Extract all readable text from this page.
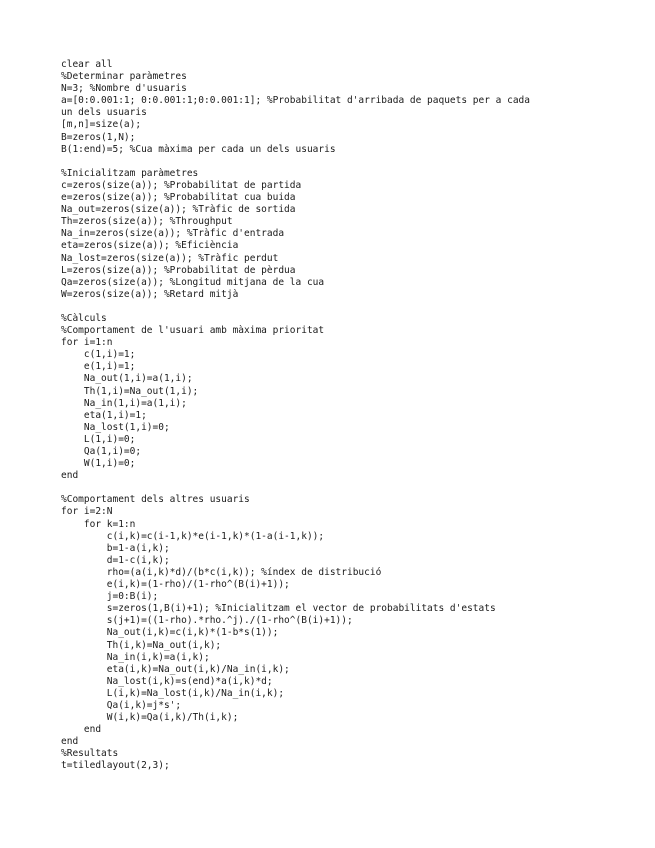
clear all
%Determinar paràmetres
N=3; %Nombre d'usuaris
a=[0:0.001:1; 0:0.001:1;0:0.001:1]; %Probabilitat d'arribada de paquets per a cada
un dels usuaris
[m,n]=size(a);
B=zeros(1,N);
B(1:end)=5; %Cua màxima per cada un dels usuaris
%Inicialitzam paràmetres
c=zeros(size(a)); %Probabilitat de partida
e=zeros(size(a)); %Probabilitat cua buida
Na_out=zeros(size(a)); %Tràfic de sortida
Th=zeros(size(a)); %Throughput
Na_in=zeros(size(a)); %Tràfic d'entrada
eta=zeros(size(a)); %Eficiència
Na_lost=zeros(size(a)); %Tràfic perdut
L=zeros(size(a)); %Probabilitat de pèrdua
Qa=zeros(size(a)); %Longitud mitjana de la cua
W=zeros(size(a)); %Retard mitjà
%Càlculs
%Comportament de l'usuari amb màxima prioritat
for i=1:n
c(1,i)=1;
e(1,i)=1;
Na_out(1,i)=a(1,i);
Th(1,i)=Na_out(1,i);
Na_in(1,i)=a(1,i);
eta(1,i)=1;
Na_lost(1,i)=0;
L(1,i)=0;
Qa(1,i)=0;
W(1,i)=0;
end
%Comportament dels altres usuaris
for i=2:N
for k=1:n
c(i,k)=c(i-1,k)*e(i-1,k)*(1-a(i-1,k));
b=1-a(i,k);
d=1-c(i,k);
rho=(a(i,k)*d)/(b*c(i,k)); %índex de distribució
e(i,k)=(1-rho)/(1-rho^(B(i)+1));
j=0:B(i);
s=zeros(1,B(i)+1); %Inicialitzam el vector de probabilitats d'estats
s(j+1)=((1-rho).*rho.^j)./(1-rho^(B(i)+1));
Na_out(i,k)=c(i,k)*(1-b*s(1));
Th(i,k)=Na_out(i,k);
Na_in(i,k)=a(i,k);
eta(i,k)=Na_out(i,k)/Na_in(i,k);
Na_lost(i,k)=s(end)*a(i,k)*d;
L(i,k)=Na_lost(i,k)/Na_in(i,k);
Qa(i,k)=j*s';
W(i,k)=Qa(i,k)/Th(i,k);
end
end
%Resultats
t=tiledlayout(2,3);
